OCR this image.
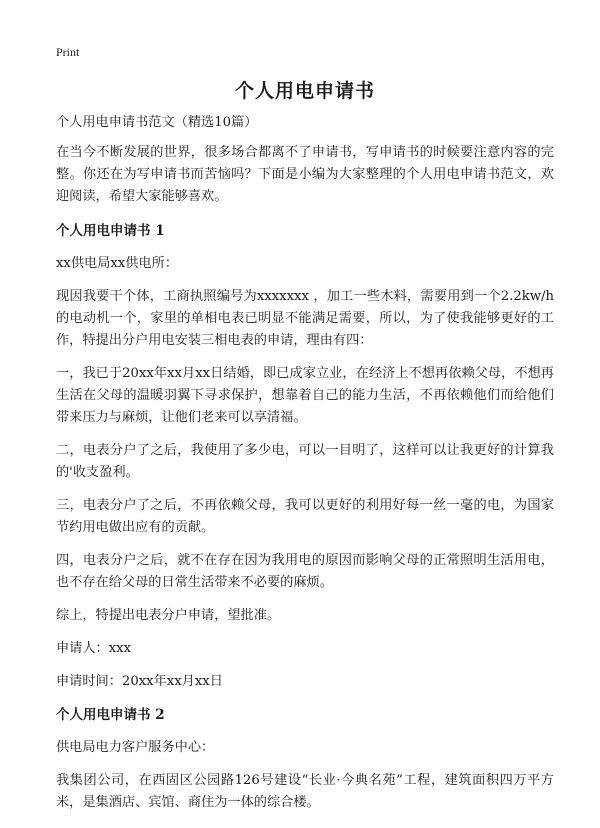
Print

个人用电申请书

个人用电申请书范文（精选10篇）

在当今不断发展的世界，很多场合都离不了申请书，写申请书的时候要注意内容的完整。你还在为写申请书而苦恼吗？下面是小编为大家整理的个人用电申请书范文，欢迎阅读，希望大家能够喜欢。

个人用电申请书 1

xx供电局xx供电所：

现因我要干个体，工商执照编号为xxxxxxx ，加工一些木料，需要用到一个2.2kw/h的电动机一个，家里的单相电表已明显不能满足需要，所以，为了使我能够更好的工作，特提出分户用电安装三相电表的申请，理由有四：

一，我已于20xx年xx月xx日结婚，即已成家立业，在经济上不想再依赖父母，不想再生活在父母的温暖羽翼下寻求保护，想靠着自己的能力生活，不再依赖他们而给他们带来压力与麻烦，让他们老来可以享清福。

二，电表分户了之后，我使用了多少电，可以一目明了，这样可以让我更好的计算我的'收支盈利。

三，电表分户了之后，不再依赖父母，我可以更好的利用好每一丝一毫的电，为国家节约用电做出应有的贡献。

四，电表分户之后，就不在存在因为我用电的原因而影响父母的正常照明生活用电，也不存在给父母的日常生活带来不必要的麻烦。

综上，特提出电表分户申请，望批准。

申请人：xxx

申请时间：20xx年xx月xx日

个人用电申请书 2

供电局电力客户服务中心：

我集团公司，在西固区公园路126号建设“长业·今典名苑”工程，建筑面积四万平方米，是集酒店、宾馆、商住为一体的综合楼。
